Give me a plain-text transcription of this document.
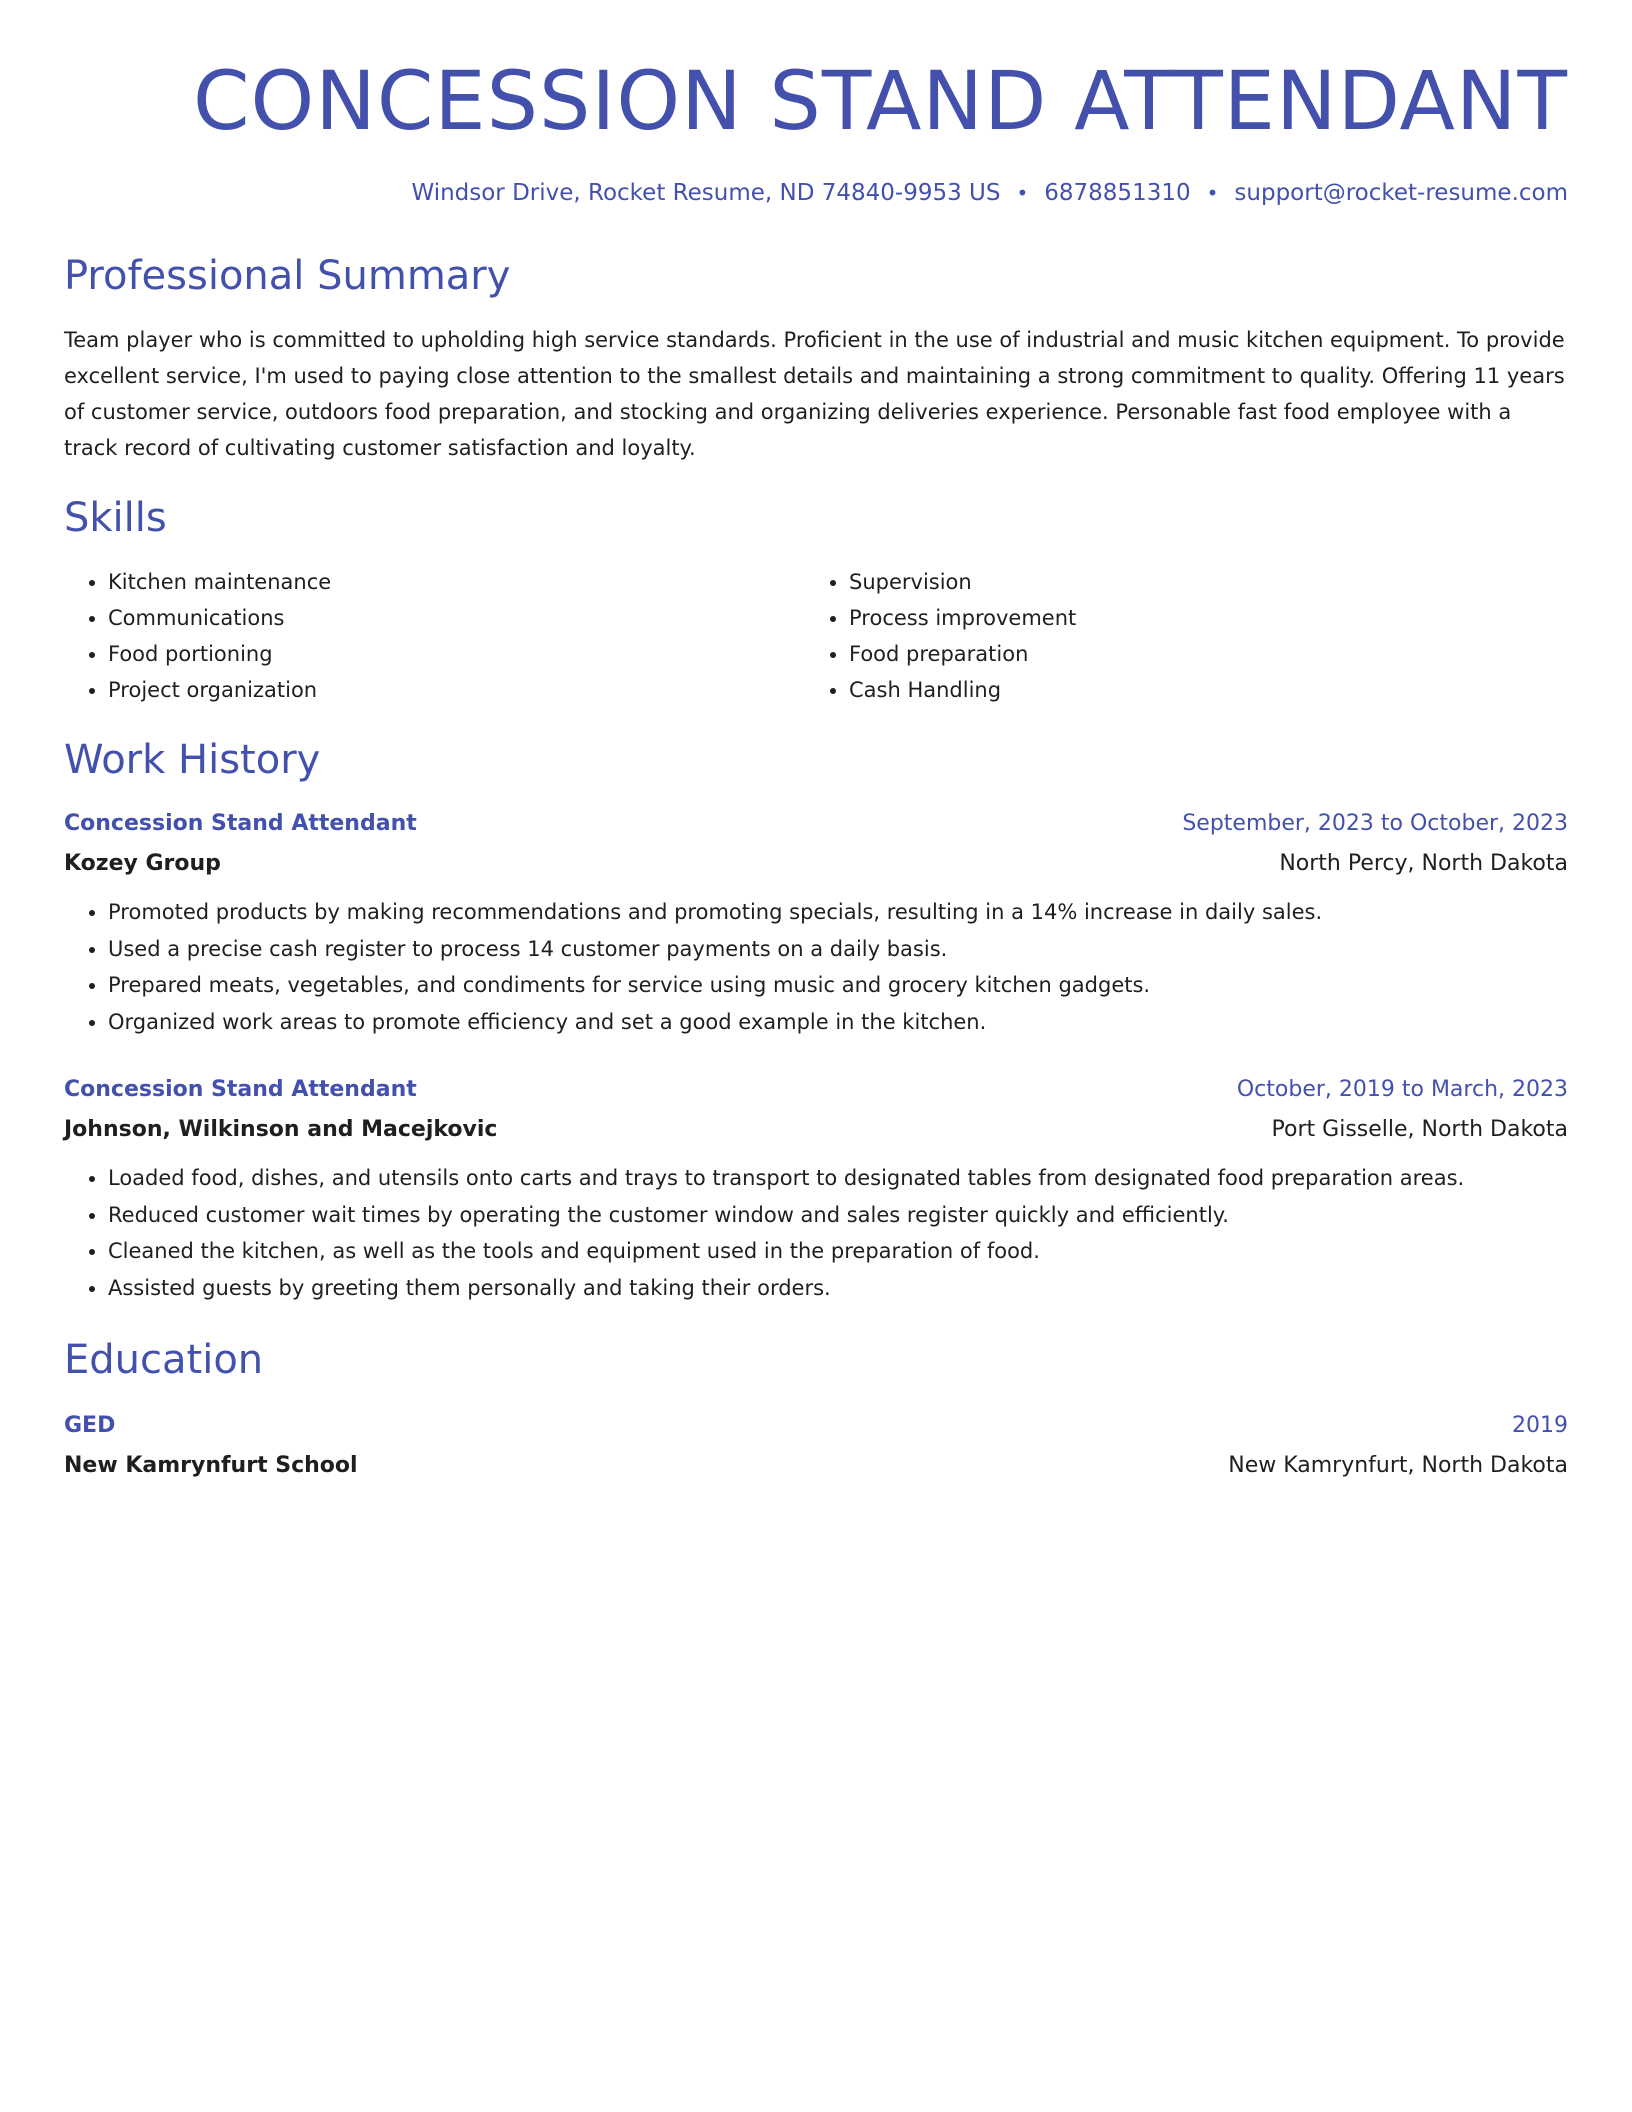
CONCESSION STAND ATTENDANT
Windsor Drive, Rocket Resume, ND 74840-9953 US • 6878851310 • support@rocket-resume.com
Professional Summary

Team player who is committed to upholding high service standards. Proficient in the use of industrial and music kitchen equipment. To provide excellent service, I'm used to paying close attention to the smallest details and maintaining a strong commitment to quality. Offering 11 years of customer service, outdoors food preparation, and stocking and organizing deliveries experience. Personable fast food employee with a track record of cultivating customer satisfaction and loyalty.

Skills
• Kitchen maintenance
• Communications
• Food portioning
• Project organization
• Supervision
• Process improvement
• Food preparation
• Cash Handling
Work History
Concession Stand Attendant	September, 2023 to October, 2023
Kozey Group	North Percy, North Dakota
• Promoted products by making recommendations and promoting specials, resulting in a 14% increase in daily sales.
• Used a precise cash register to process 14 customer payments on a daily basis.
• Prepared meats, vegetables, and condiments for service using music and grocery kitchen gadgets.
• Organized work areas to promote efficiency and set a good example in the kitchen.
Concession Stand Attendant	October, 2019 to March, 2023
Johnson, Wilkinson and Macejkovic	Port Gisselle, North Dakota
• Loaded food, dishes, and utensils onto carts and trays to transport to designated tables from designated food preparation areas.
• Reduced customer wait times by operating the customer window and sales register quickly and efficiently.
• Cleaned the kitchen, as well as the tools and equipment used in the preparation of food.
• Assisted guests by greeting them personally and taking their orders.
Education
GED	2019
New Kamrynfurt School	New Kamrynfurt, North Dakota
